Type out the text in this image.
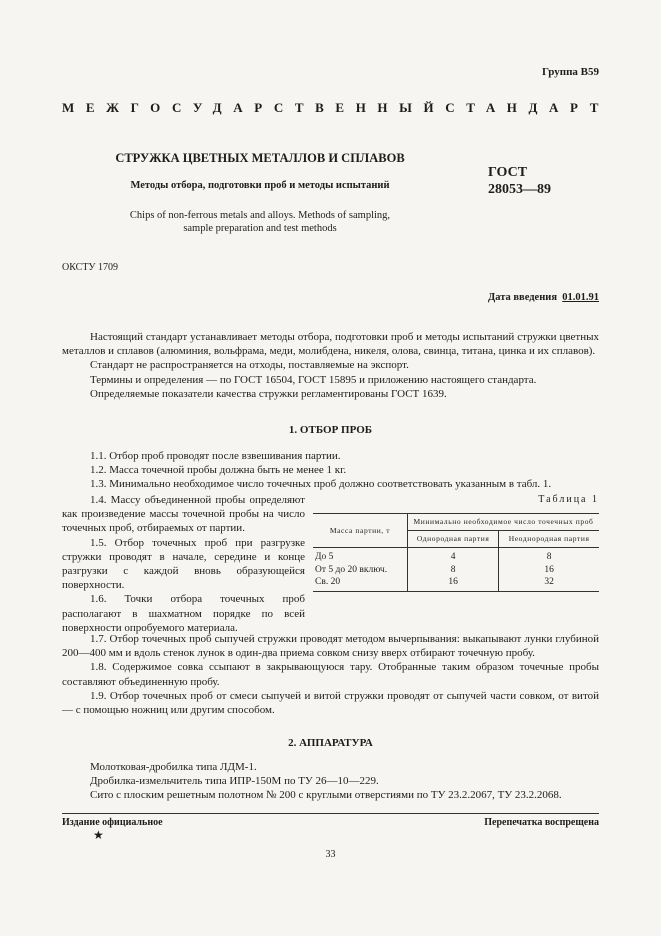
Группа В59
МЕЖГОСУДАРСТВЕННЫЙ СТАНДАРТ
СТРУЖКА ЦВЕТНЫХ МЕТАЛЛОВ И СПЛАВОВ
Методы отбора, подготовки проб и методы испытаний
Chips of non-ferrous metals and alloys. Methods of sampling,
sample preparation and test methods
ГОСТ
28053—89
ОКСТУ 1709
Дата введения 01.01.91

Настоящий стандарт устанавливает методы отбора, подготовки проб и методы испытаний стружки цветных металлов и сплавов (алюминия, вольфрама, меди, молибдена, никеля, олова, свинца, титана, цинка и их сплавов).

Стандарт не распространяется на отходы, поставляемые на экспорт.

Термины и определения — по ГОСТ 16504, ГОСТ 15895 и приложению настоящего стандарта.

Определяемые показатели качества стружки регламентированы ГОСТ 1639.

1. ОТБОР ПРОБ

1.1. Отбор проб проводят после взвешивания партии.

1.2. Масса точечной пробы должна быть не менее 1 кг.

1.3. Минимально необходимое число точечных проб должно соответствовать указанным в табл. 1.

1.4. Массу объединенной пробы определяют как произведение массы точечной пробы на число точечных проб, отбираемых от партии.

1.5. Отбор точечных проб при разгрузке стружки проводят в начале, середине и конце разгрузки с каждой вновь образующейся поверхности.

1.6. Точки отбора точечных проб располагают в шахматном порядке по всей поверхности опробуемого материала.

Таблица 1
Масса партии, т	Минимально необходимое число точечных проб	
	Однородная партия	Неоднородная партия
До 5	4	8
От 5 до 20 включ.	8	16
Св. 20	16	32

1.7. Отбор точечных проб сыпучей стружки проводят методом вычерпывания: выкапывают лунки глубиной 200—400 мм и вдоль стенок лунок в один-два приема совком снизу вверх отбирают точечную пробу.

1.8. Содержимое совка ссыпают в закрывающуюся тару. Отобранные таким образом точечные пробы составляют объединенную пробу.

1.9. Отбор точечных проб от смеси сыпучей и витой стружки проводят от сыпучей части совком, от витой — с помощью ножниц или другим способом.

2. АППАРАТУРА

Молотковая-дробилка типа ЛДМ-1.

Дробилка-измельчитель типа ИПР-150М по ТУ 26—10—229.

Сито с плоским решетным полотном № 200 с круглыми отверстиями по ТУ 23.2.2067, ТУ 23.2.2068.

Издание официальное	Перепечатка воспрещена
★
33
